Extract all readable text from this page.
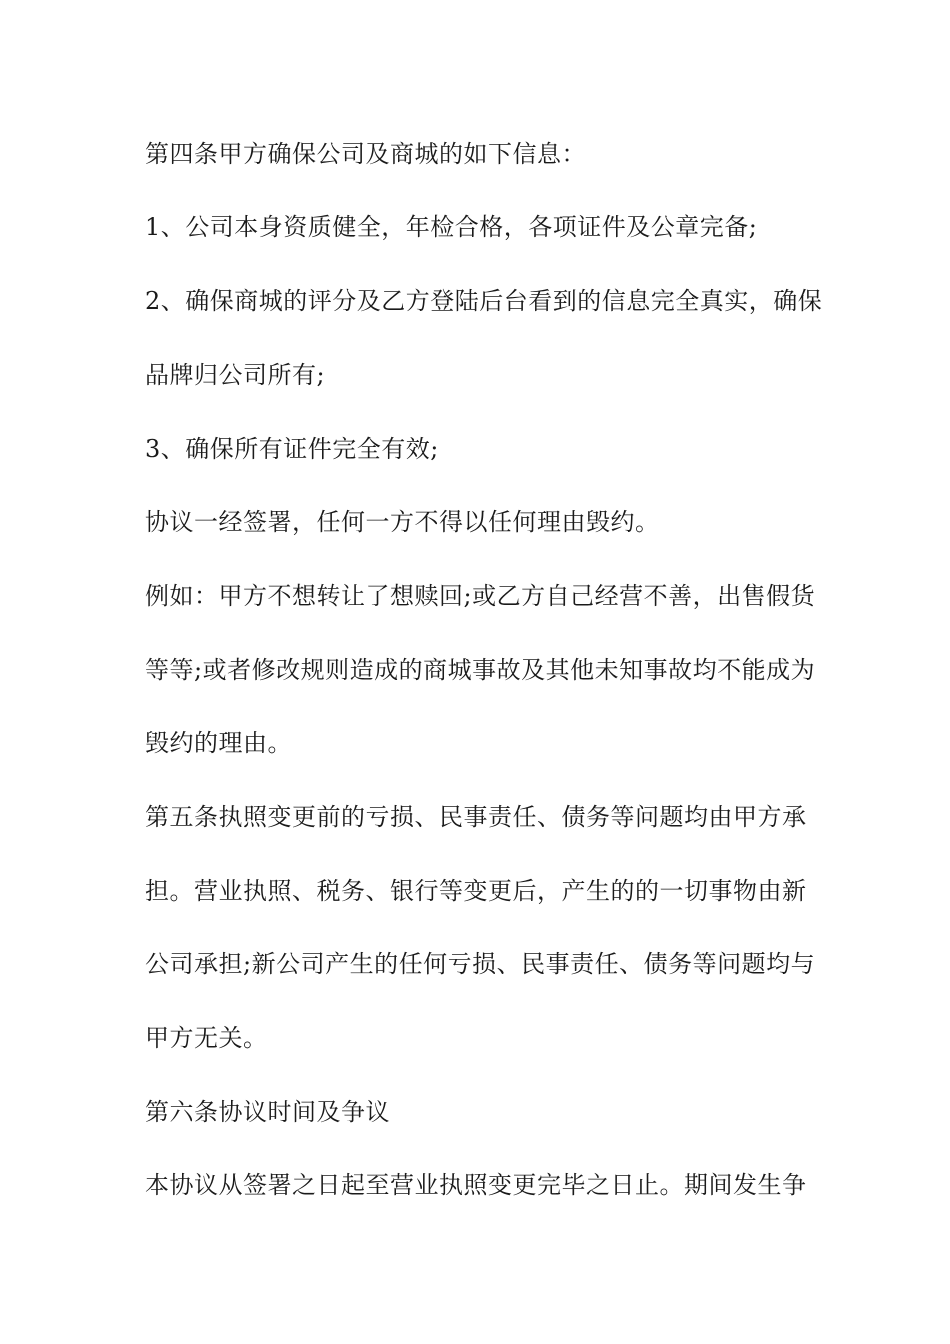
第四条甲方确保公司及商城的如下信息：

1、公司本身资质健全，年检合格，各项证件及公章完备;

2、确保商城的评分及乙方登陆后台看到的信息完全真实，确保

品牌归公司所有;

3、确保所有证件完全有效;

协议一经签署，任何一方不得以任何理由毁约。

例如：甲方不想转让了想赎回;或乙方自己经营不善，出售假货

等等;或者修改规则造成的商城事故及其他未知事故均不能成为

毁约的理由。

第五条执照变更前的亏损、民事责任、债务等问题均由甲方承

担。营业执照、税务、银行等变更后，产生的的一切事物由新

公司承担;新公司产生的任何亏损、民事责任、债务等问题均与

甲方无关。

第六条协议时间及争议

本协议从签署之日起至营业执照变更完毕之日止。期间发生争
